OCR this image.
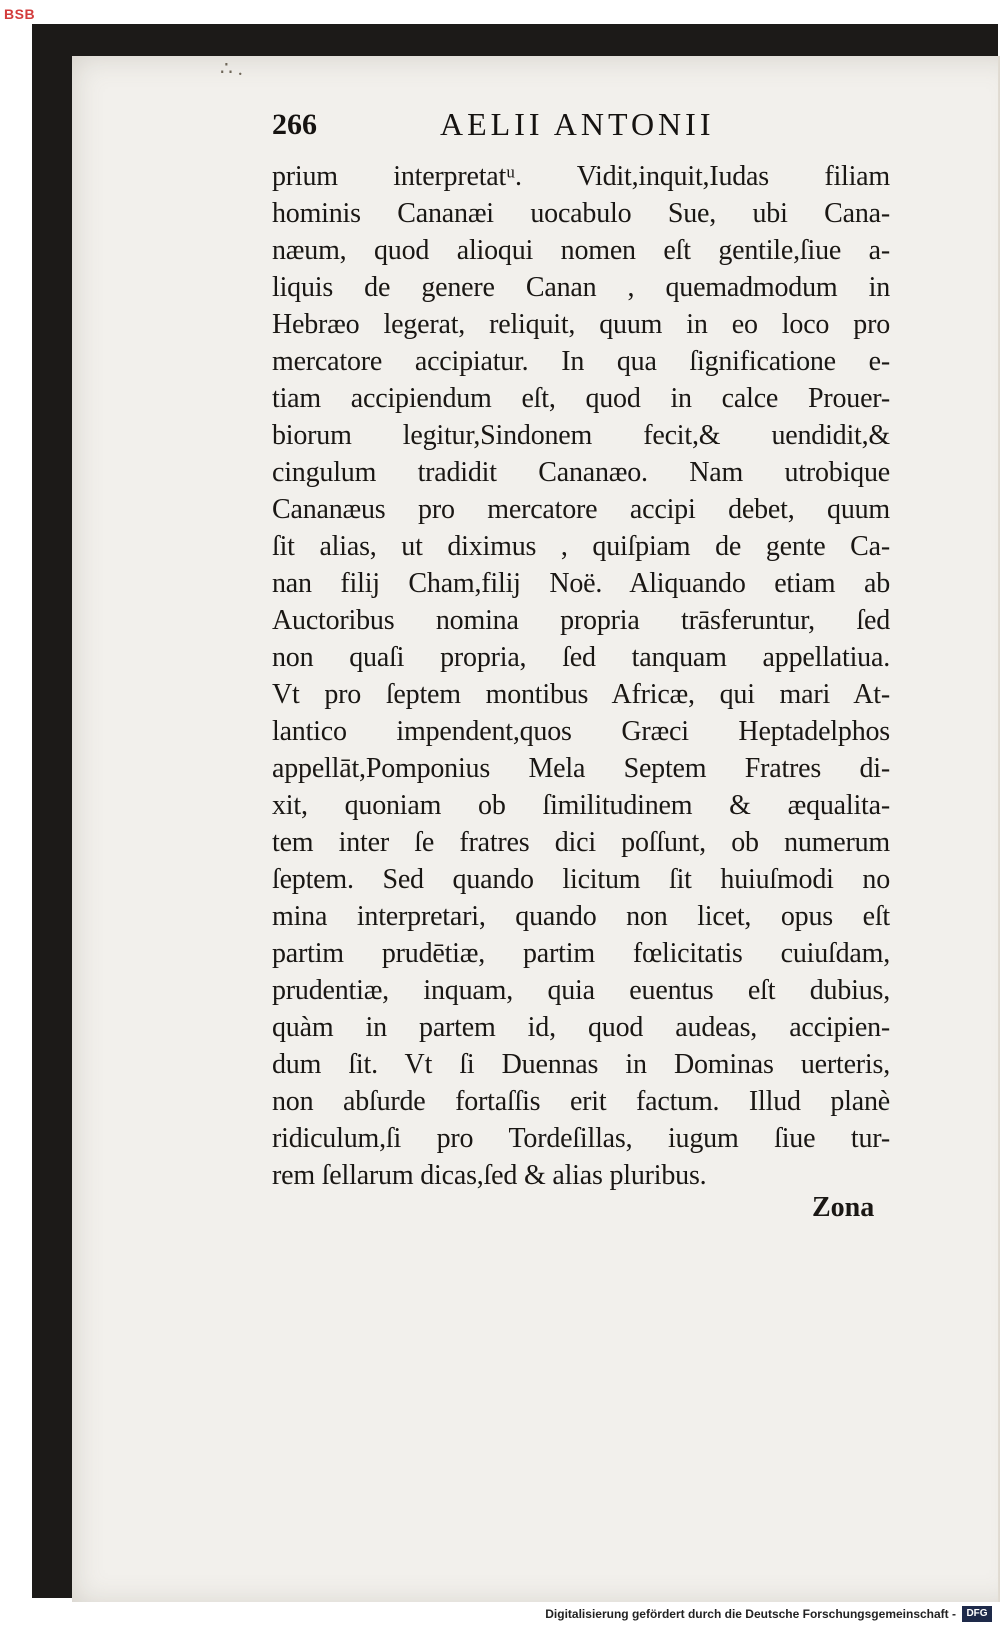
BSB
∴ .
266	AELII ANTONII
prium interpretatᵘ. Vidit,inquit,Iudas filiam
hominis Cananæi uocabulo Sue, ubi Cana-
næum, quod alioqui nomen eſt gentile,ſiue a-
liquis de genere Canan , quemadmodum in
Hebræo legerat, reliquit, quum in eo loco pro
mercatore accipiatur. In qua ſignificatione e-
tiam accipiendum eſt, quod in calce Prouer-
biorum legitur,Sindonem fecit,& uendidit,&
cingulum tradidit Cananæo. Nam utrobique
Cananæus pro mercatore accipi debet, quum
ſit alias, ut diximus , quiſpiam de gente Ca-
nan filij Cham,filij Noë. Aliquando etiam ab
Auctoribus nomina propria trāsferuntur, ſed
non quaſi propria, ſed tanquam appellatiua.
Vt pro ſeptem montibus Africæ, qui mari At-
lantico impendent,quos Græci Heptadelphos
appellāt,Pomponius Mela Septem Fratres di-
xit, quoniam ob ſimilitudinem & æqualita-
tem inter ſe fratres dici poſſunt, ob numerum
ſeptem. Sed quando licitum ſit huiuſmodi no
mina interpretari, quando non licet, opus eſt
partim prudētiæ, partim fœlicitatis cuiuſdam,
prudentiæ, inquam, quia euentus eſt dubius,
quàm in partem id, quod audeas, accipien-
dum ſit. Vt ſi Duennas in Dominas uerteris,
non abſurde fortaſſis erit factum. Illud planè
ridiculum,ſi pro Tordeſillas, iugum ſiue tur-
rem ſellarum dicas,ſed & alias pluribus.
Zona
Digitalisierung gefördert durch die Deutsche Forschungsgemeinschaft -	DFG
